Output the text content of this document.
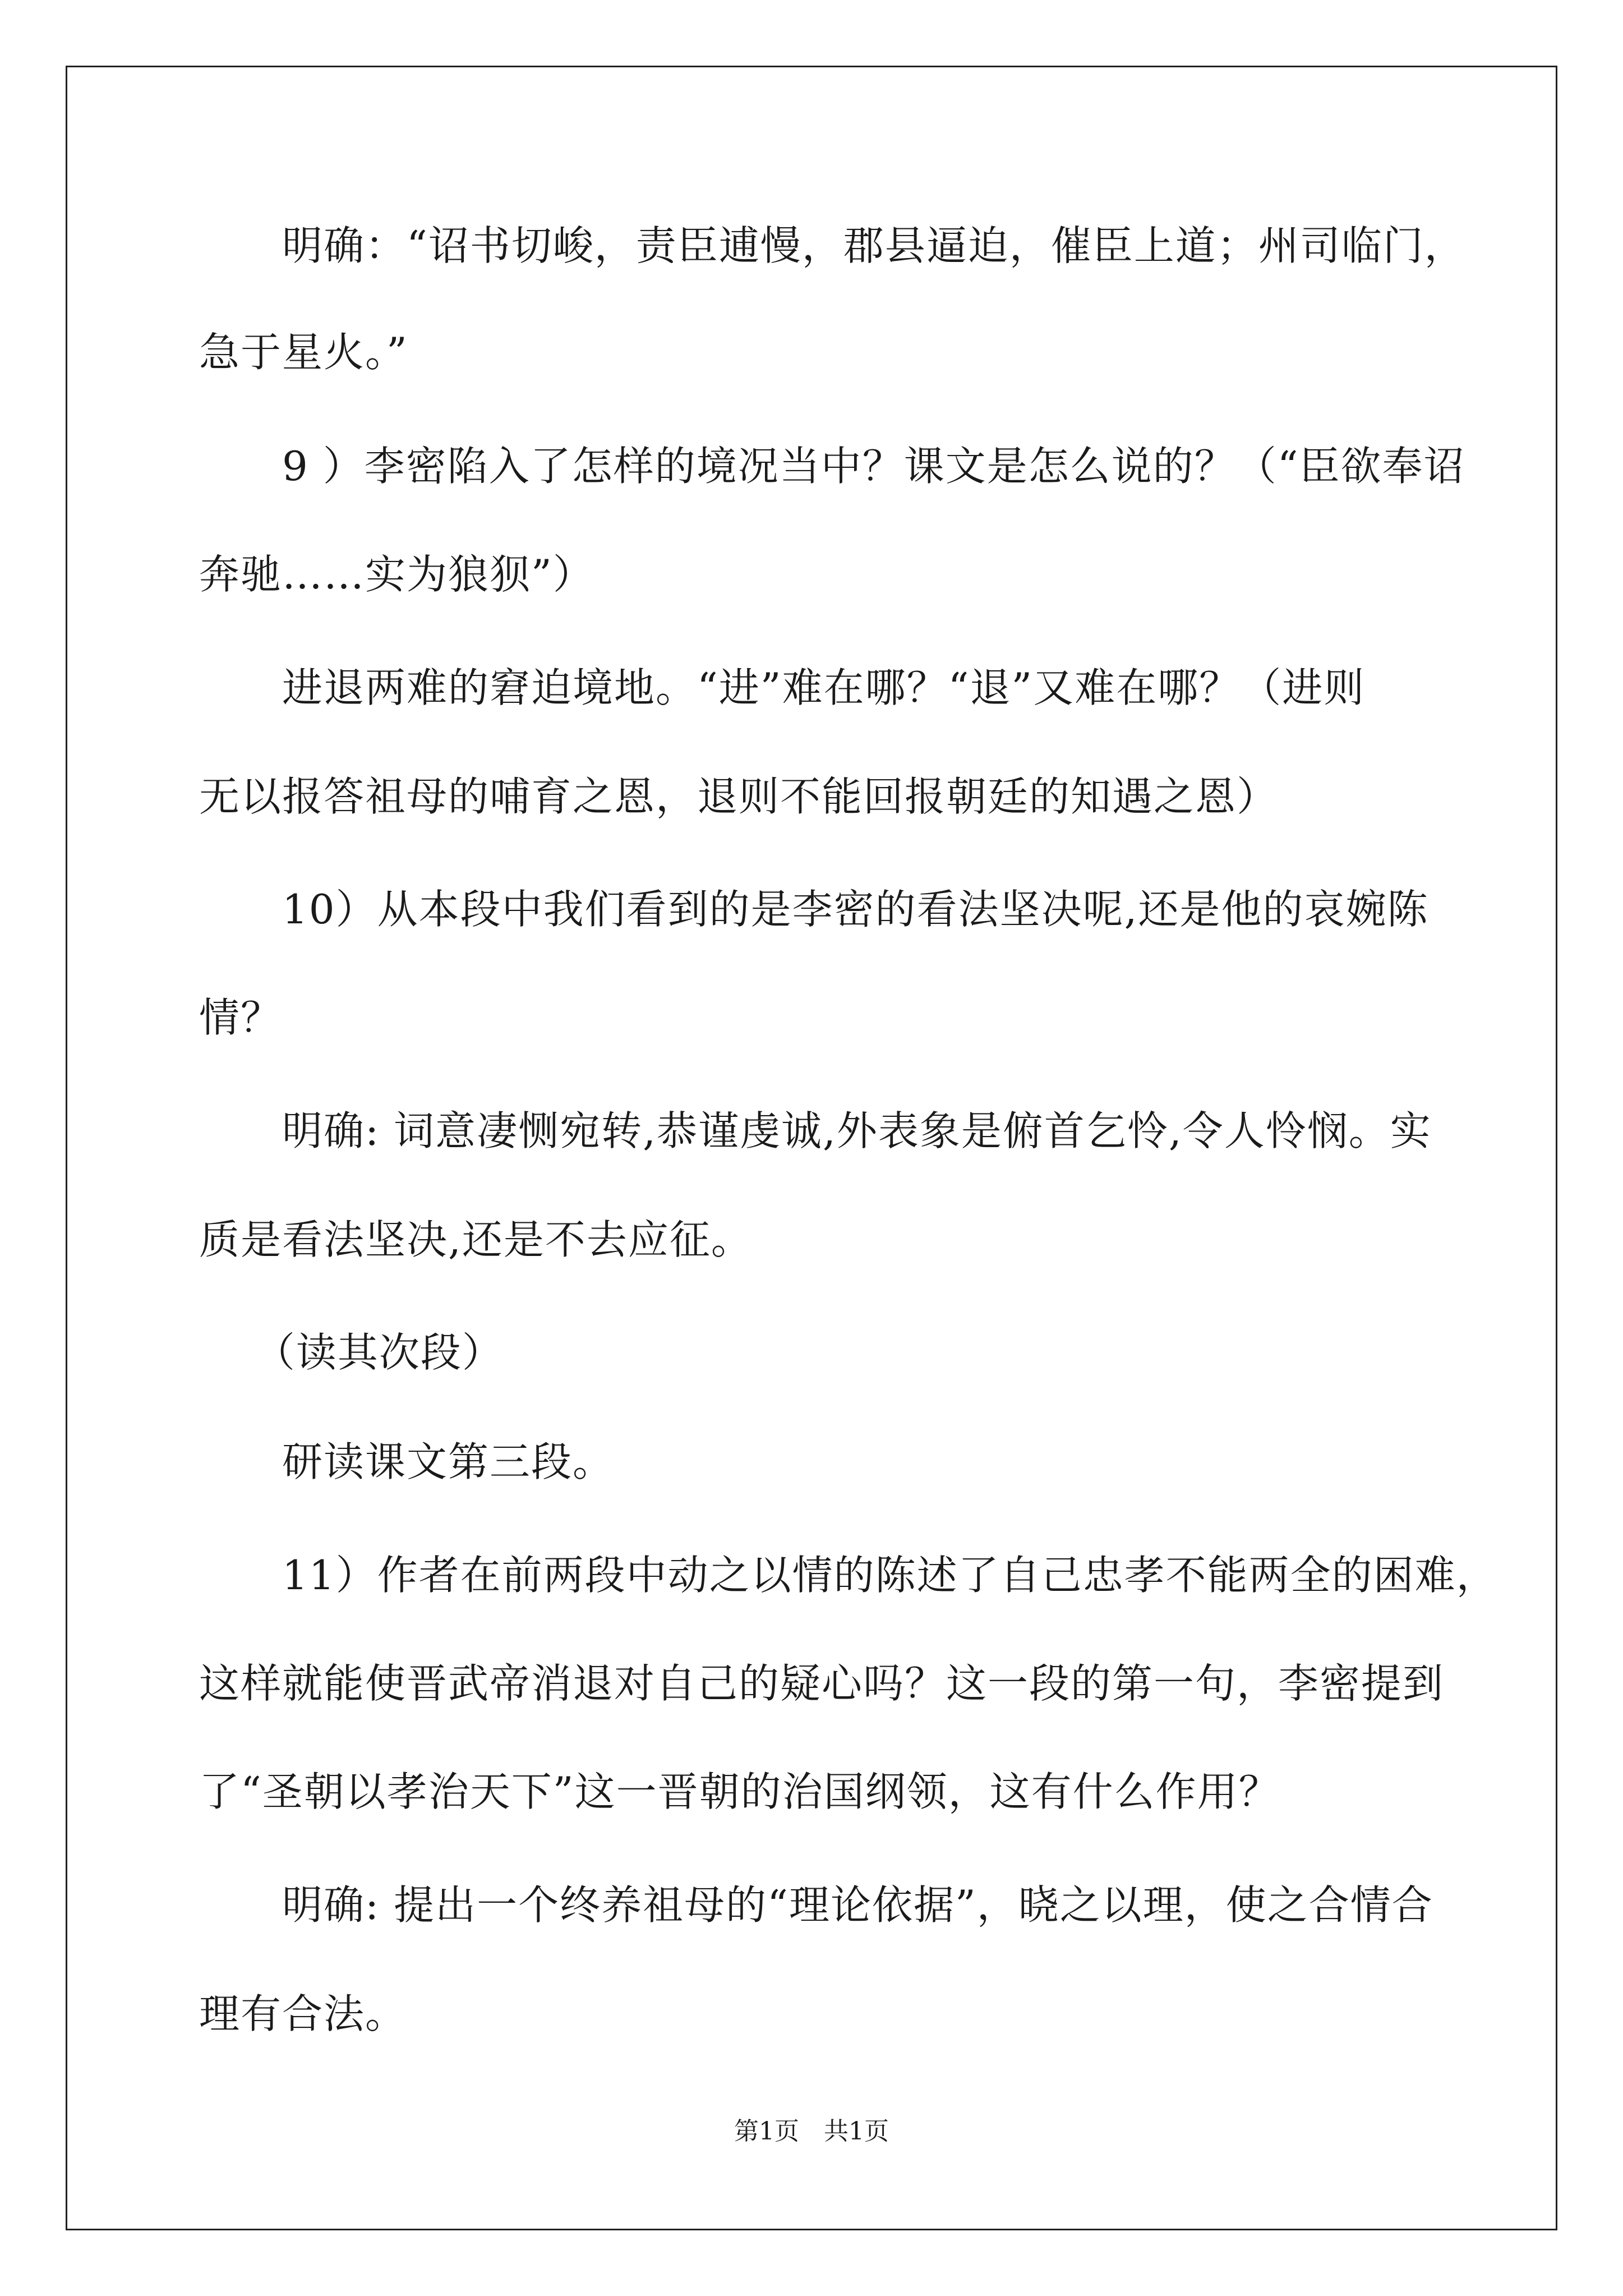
　　明确：“诏书切峻，责臣逋慢，郡县逼迫，催臣上道；州司临门，
急于星火。”
　　9 ）李密陷入了怎样的境况当中？课文是怎么说的？（“臣欲奉诏
奔驰……实为狼狈”）
　　进退两难的窘迫境地。“进”难在哪？“退”又难在哪？（进则
无以报答祖母的哺育之恩，退则不能回报朝廷的知遇之恩）
　　10）从本段中我们看到的是李密的看法坚决呢,还是他的哀婉陈
情？
　　明确: 词意凄恻宛转,恭谨虔诚,外表象是俯首乞怜,令人怜悯。实
质是看法坚决,还是不去应征。
　 （读其次段）
　　研读课文第三段。
　　11）作者在前两段中动之以情的陈述了自己忠孝不能两全的困难，
这样就能使晋武帝消退对自己的疑心吗？这一段的第一句，李密提到
了“圣朝以孝治天下”这一晋朝的治国纲领，这有什么作用？
　　明确: 提出一个终养祖母的“理论依据”，晓之以理，使之合情合
理有合法。
第1页　共1页
